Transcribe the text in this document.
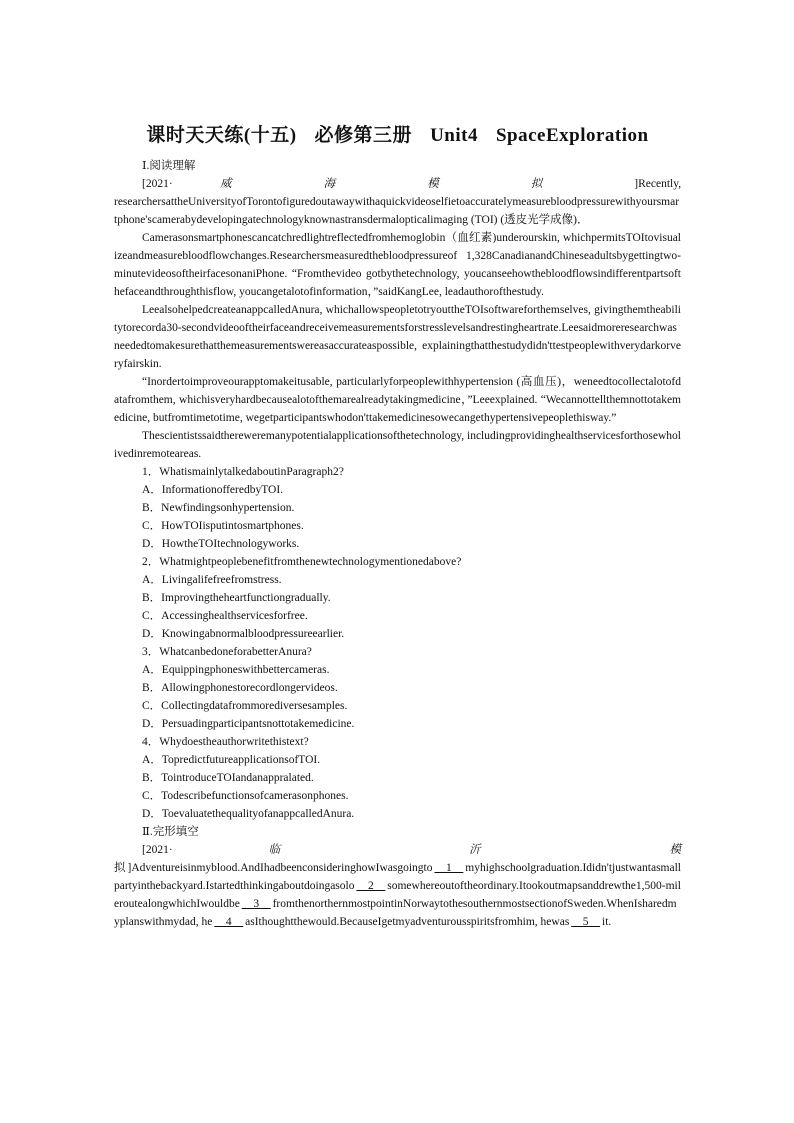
课时天天练(十五) 必修第三册 Unit4 SpaceExploration

Ⅰ.阅读理解

[2021·	威	海	模	拟	]Recently,

researchersattheUniversityofTorontofiguredoutawaywithaquickvideoselfietoaccuratelymeasurebloodpressurewithyoursmartphone'scamerabydevelopingatechnologyknownastransdermalopticalimaging (TOI) (透皮光学成像)．

Camerasonsmartphonescancatchredlightreflectedfromhemoglobin（血红素)underourskin, whichpermitsTOItovisualizeandmeasurebloodflowchanges.Researchersmeasuredthebloodpressureof 1,328CanadianandChineseadultsbygettingtwo-minutevideosoftheirfacesonaniPhone. “Fromthevideo gotbythetechnology, youcanseehowthebloodflowsindifferentpartsofthefaceandthroughthisflow, youcangetalotofinformation，”saidKangLee, leadauthorofthestudy.

LeealsohelpedcreateanappcalledAnura, whichallowspeopletotryouttheTOIsoftwareforthemselves, givingthemtheabilitytorecorda30-secondvideooftheirfaceandreceivemeasurementsforstresslevelsandrestingheartrate.Leesaidmoreresearchwasneededtomakesurethatthemeasurementswereasaccurateaspossible, explainingthatthestudydidn'ttestpeoplewithverydarkorveryfairskin.

“Inordertoimproveourapptomakeitusable, particularlyforpeoplewithhypertension (高血压)，weneedtocollectalotofdatafromthem, whichisveryhardbecausealotofthemarealreadytakingmedicine，”Leeexplained. “Wecannottellthemnottotakemedicine, butfromtimetotime, wegetparticipantswhodon'ttakemedicinesowecangethypertensivepeoplethisway.”

Thescientistssaidthereweremanypotentialapplicationsofthetechnology, includingprovidinghealthservicesforthosewholivedinremoteareas.

1．WhatismainlytalkedaboutinParagraph2?

A．InformationofferedbyTOI.

B．Newfindingsonhypertension.

C．HowTOIisputintosmartphones.

D．HowtheTOItechnologyworks.

2．Whatmightpeoplebenefitfromthenewtechnologymentionedabove?

A．Livingalifefreefromstress.

B．Improvingtheheartfunctiongradually.

C．Accessinghealthservicesforfree.

D．Knowingabnormalbloodpressureearlier.

3．WhatcanbedoneforabetterAnura?

A．Equippingphoneswithbettercameras.

B．Allowingphonestorecordlongervideos.

C．Collectingdatafrommorediversesamples.

D．Persuadingparticipantsnottotakemedicine.

4．Whydoestheauthorwritethistext?

A．TopredictfutureapplicationsofTOI.

B．TointroduceTOIandanappralated.

C．Todescribefunctionsofcamerasonphones.

D．ToevaluatethequalityofanappcalledAnura.

Ⅱ.完形填空

[2021·	临	沂	模

拟]Adventureisinmyblood.AndIhadbeenconsideringhowIwasgoingto __1__ myhighschoolgraduation.Ididn'tjustwantasmallpartyinthebackyard.Istartedthinkingaboutdoingasolo __2__ somewhereoutoftheordinary.Itookoutmapsanddrewthe1,500-mileroutealongwhichIwouldbe __3__ fromthenorthernmostpointinNorwaytothesouthernmostsectionofSweden.WhenIsharedmyplanswithmydad, he __4__ asIthoughtthewould.BecauseIgetmyadventurousspiritsfromhim, hewas __5__ it.
